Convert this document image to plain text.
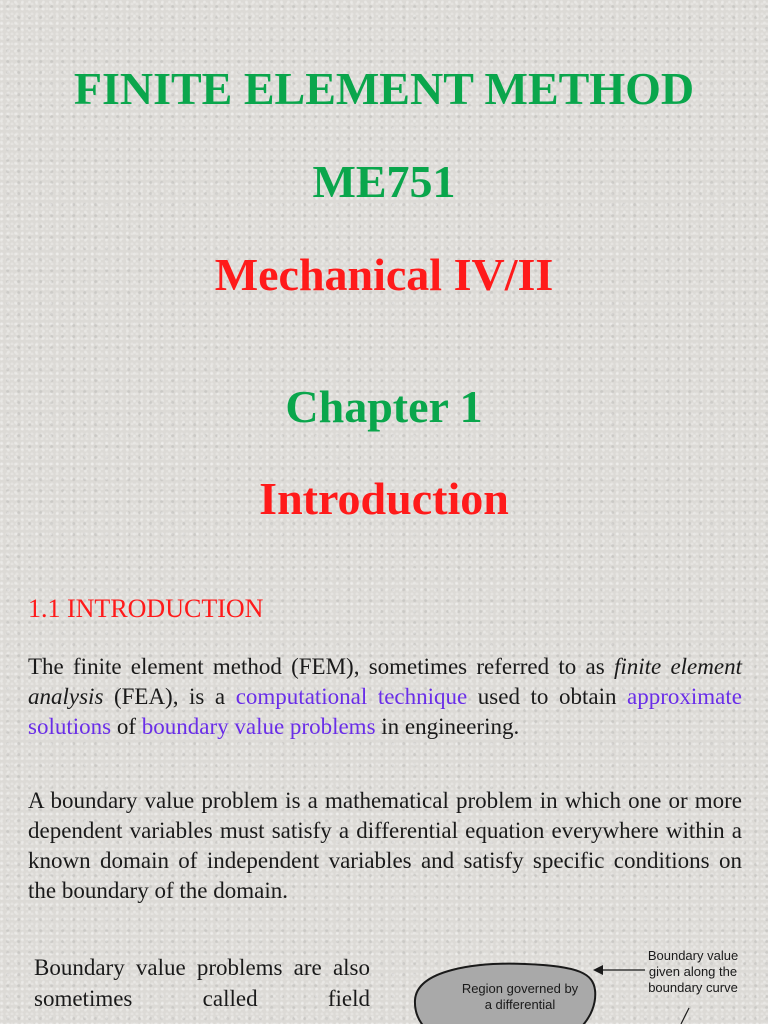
FINITE ELEMENT METHOD
ME751
Mechanical IV/II
Chapter 1
Introduction
1.1 INTRODUCTION

The finite element method (FEM), sometimes referred to as finite element analysis (FEA), is a computational technique used to obtain approximate solutions of boundary value problems in engineering.

A boundary value problem is a mathematical problem in which one or more dependent variables must satisfy a differential equation everywhere within a known domain of independent variables and satisfy specific conditions on the boundary of the domain.

Boundary value problems are also sometimes called field	Region governed by a differential

Boundary value given along the boundary curve
